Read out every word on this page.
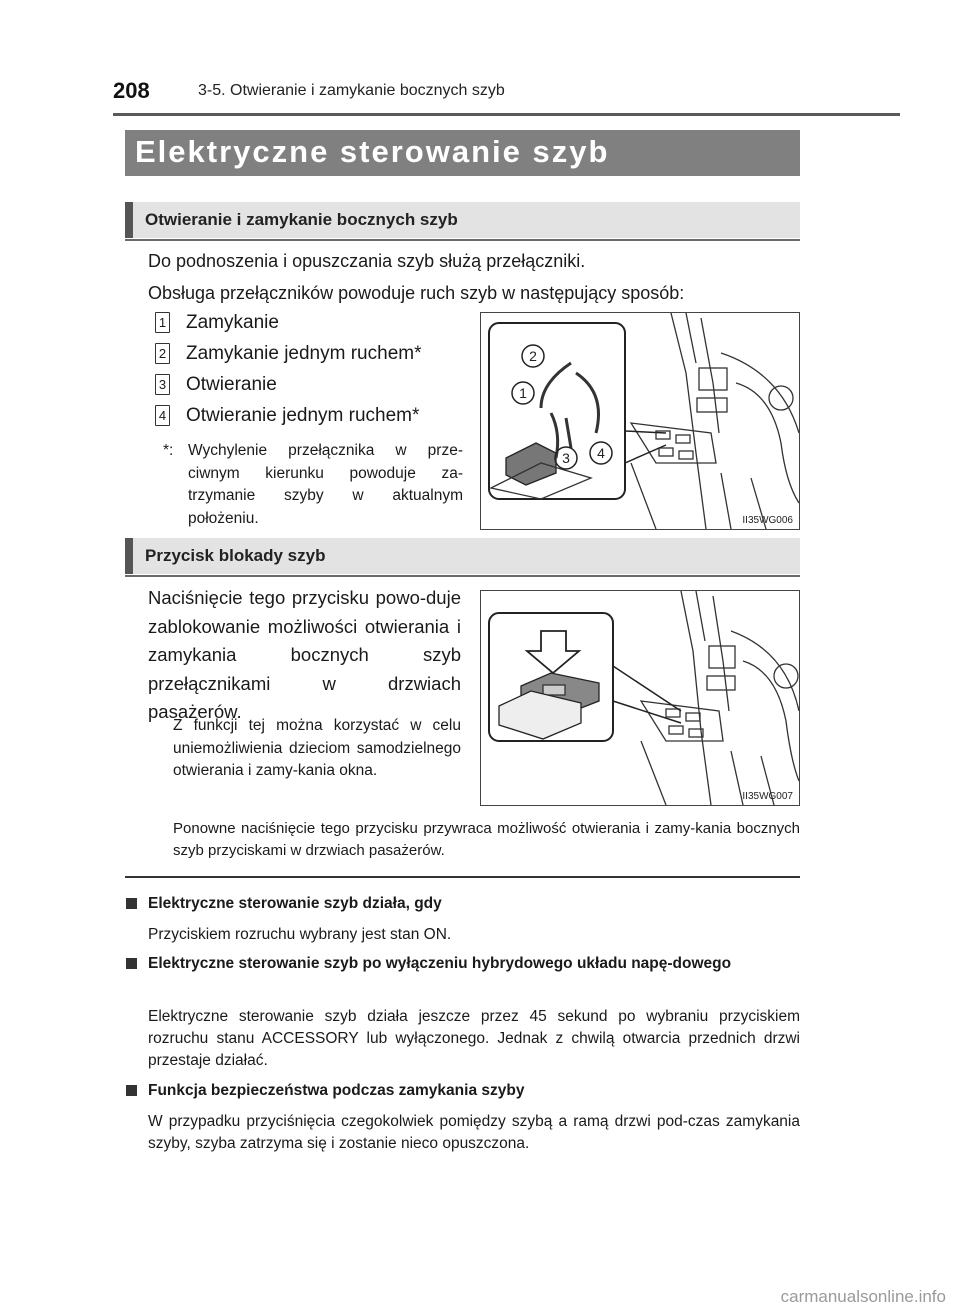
208	3-5. Otwieranie i zamykanie bocznych szyb
Elektryczne sterowanie szyb
Otwieranie i zamykanie bocznych szyb
Do podnoszenia i opuszczania szyb służą przełączniki.
Obsługa przełączników powoduje ruch szyb w następujący sposób:
1 Zamykanie
2 Zamykanie jednym ruchem*
3 Otwieranie
4 Otwieranie jednym ruchem*
*: Wychylenie przełącznika w prze-ciwnym kierunku powoduje za-trzymanie szyby w aktualnym położeniu.
2
1
3 4
II35WG006
Przycisk blokady szyb
Naciśnięcie tego przycisku powo-duje zablokowanie możliwości otwierania i zamykania bocznych szyb przełącznikami w drzwiach pasażerów.
Z funkcji tej można korzystać w celu uniemożliwienia dzieciom samodzielnego otwierania i zamy-kania okna.
II35WG007
Ponowne naciśnięcie tego przycisku przywraca możliwość otwierania i zamy-kania bocznych szyb przyciskami w drzwiach pasażerów.
Elektryczne sterowanie szyb działa, gdy
Przyciskiem rozruchu wybrany jest stan ON.
Elektryczne sterowanie szyb po wyłączeniu hybrydowego układu napę-dowego
Elektryczne sterowanie szyb działa jeszcze przez 45 sekund po wybraniu przyciskiem rozruchu stanu ACCESSORY lub wyłączonego. Jednak z chwilą otwarcia przednich drzwi przestaje działać.
Funkcja bezpieczeństwa podczas zamykania szyby
W przypadku przyciśnięcia czegokolwiek pomiędzy szybą a ramą drzwi pod-czas zamykania szyby, szyba zatrzyma się i zostanie nieco opuszczona.
carmanualsonline.info
